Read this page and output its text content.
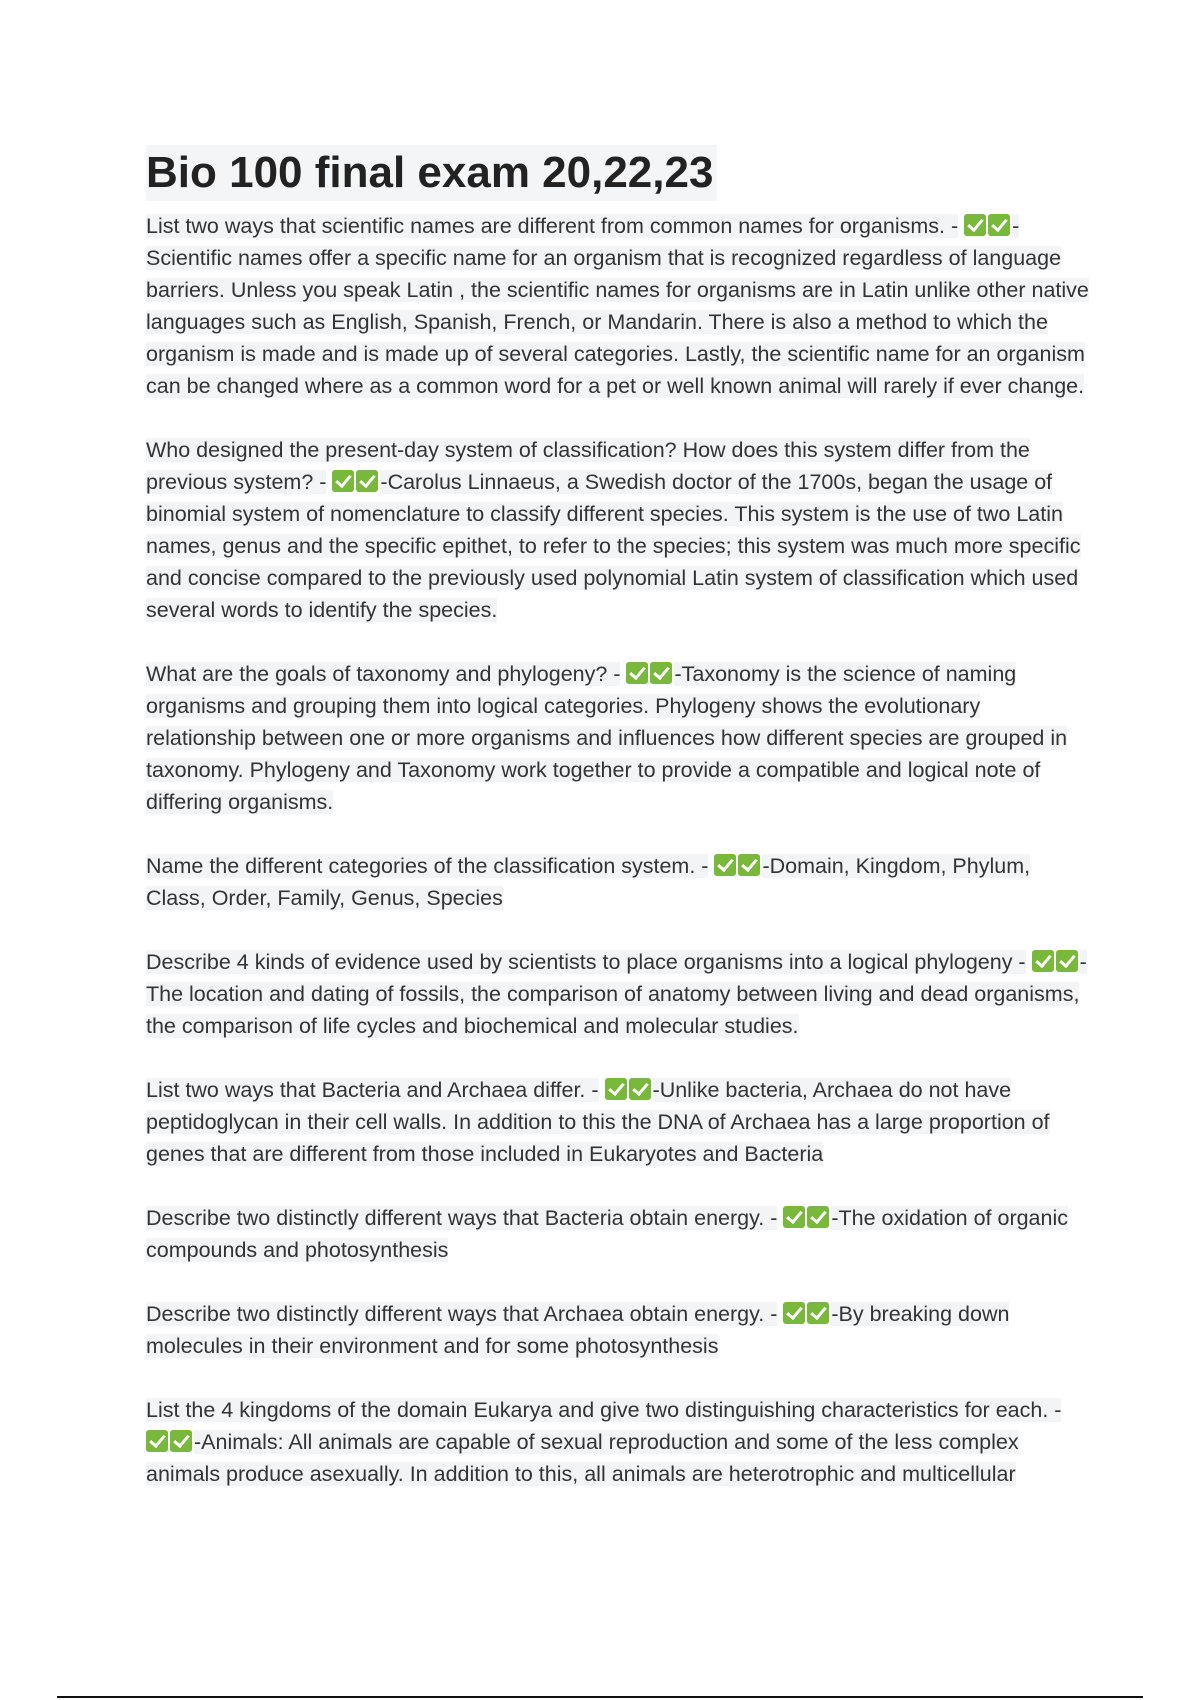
Bio 100 final exam 20,22,23

List two ways that scientific names are different from common names for organisms. -	-Scientific names offer a specific name for an organism that is recognized regardless of language barriers. Unless you speak Latin , the scientific names for organisms are in Latin unlike other native languages such as English, Spanish, French, or Mandarin. There is also a method to which the organism is made and is made up of several categories. Lastly, the scientific name for an organism can be changed where as a common word for a pet or well known animal will rarely if ever change.

Who designed the present-day system of classification? How does this system differ from the previous system? -	-Carolus Linnaeus, a Swedish doctor of the 1700s, began the usage of binomial system of nomenclature to classify different species. This system is the use of two Latin names, genus and the specific epithet, to refer to the species; this system was much more specific and concise compared to the previously used polynomial Latin system of classification which used several words to identify the species.

What are the goals of taxonomy and phylogeny? -	-Taxonomy is the science of naming organisms and grouping them into logical categories. Phylogeny shows the evolutionary relationship between one or more organisms and influences how different species are grouped in taxonomy. Phylogeny and Taxonomy work together to provide a compatible and logical note of differing organisms.

Name the different categories of the classification system. -	-Domain, Kingdom, Phylum, Class, Order, Family, Genus, Species

Describe 4 kinds of evidence used by scientists to place organisms into a logical phylogeny -	-The location and dating of fossils, the comparison of anatomy between living and dead organisms, the comparison of life cycles and biochemical and molecular studies.

List two ways that Bacteria and Archaea differ. -	-Unlike bacteria, Archaea do not have peptidoglycan in their cell walls. In addition to this the DNA of Archaea has a large proportion of genes that are different from those included in Eukaryotes and Bacteria

Describe two distinctly different ways that Bacteria obtain energy. -	-The oxidation of organic compounds and photosynthesis

Describe two distinctly different ways that Archaea obtain energy. -	-By breaking down molecules in their environment and for some photosynthesis

List the 4 kingdoms of the domain Eukarya and give two distinguishing characteristics for each. - -Animals: All animals are capable of sexual reproduction and some of the less complex animals produce asexually. In addition to this, all animals are heterotrophic and multicellular
